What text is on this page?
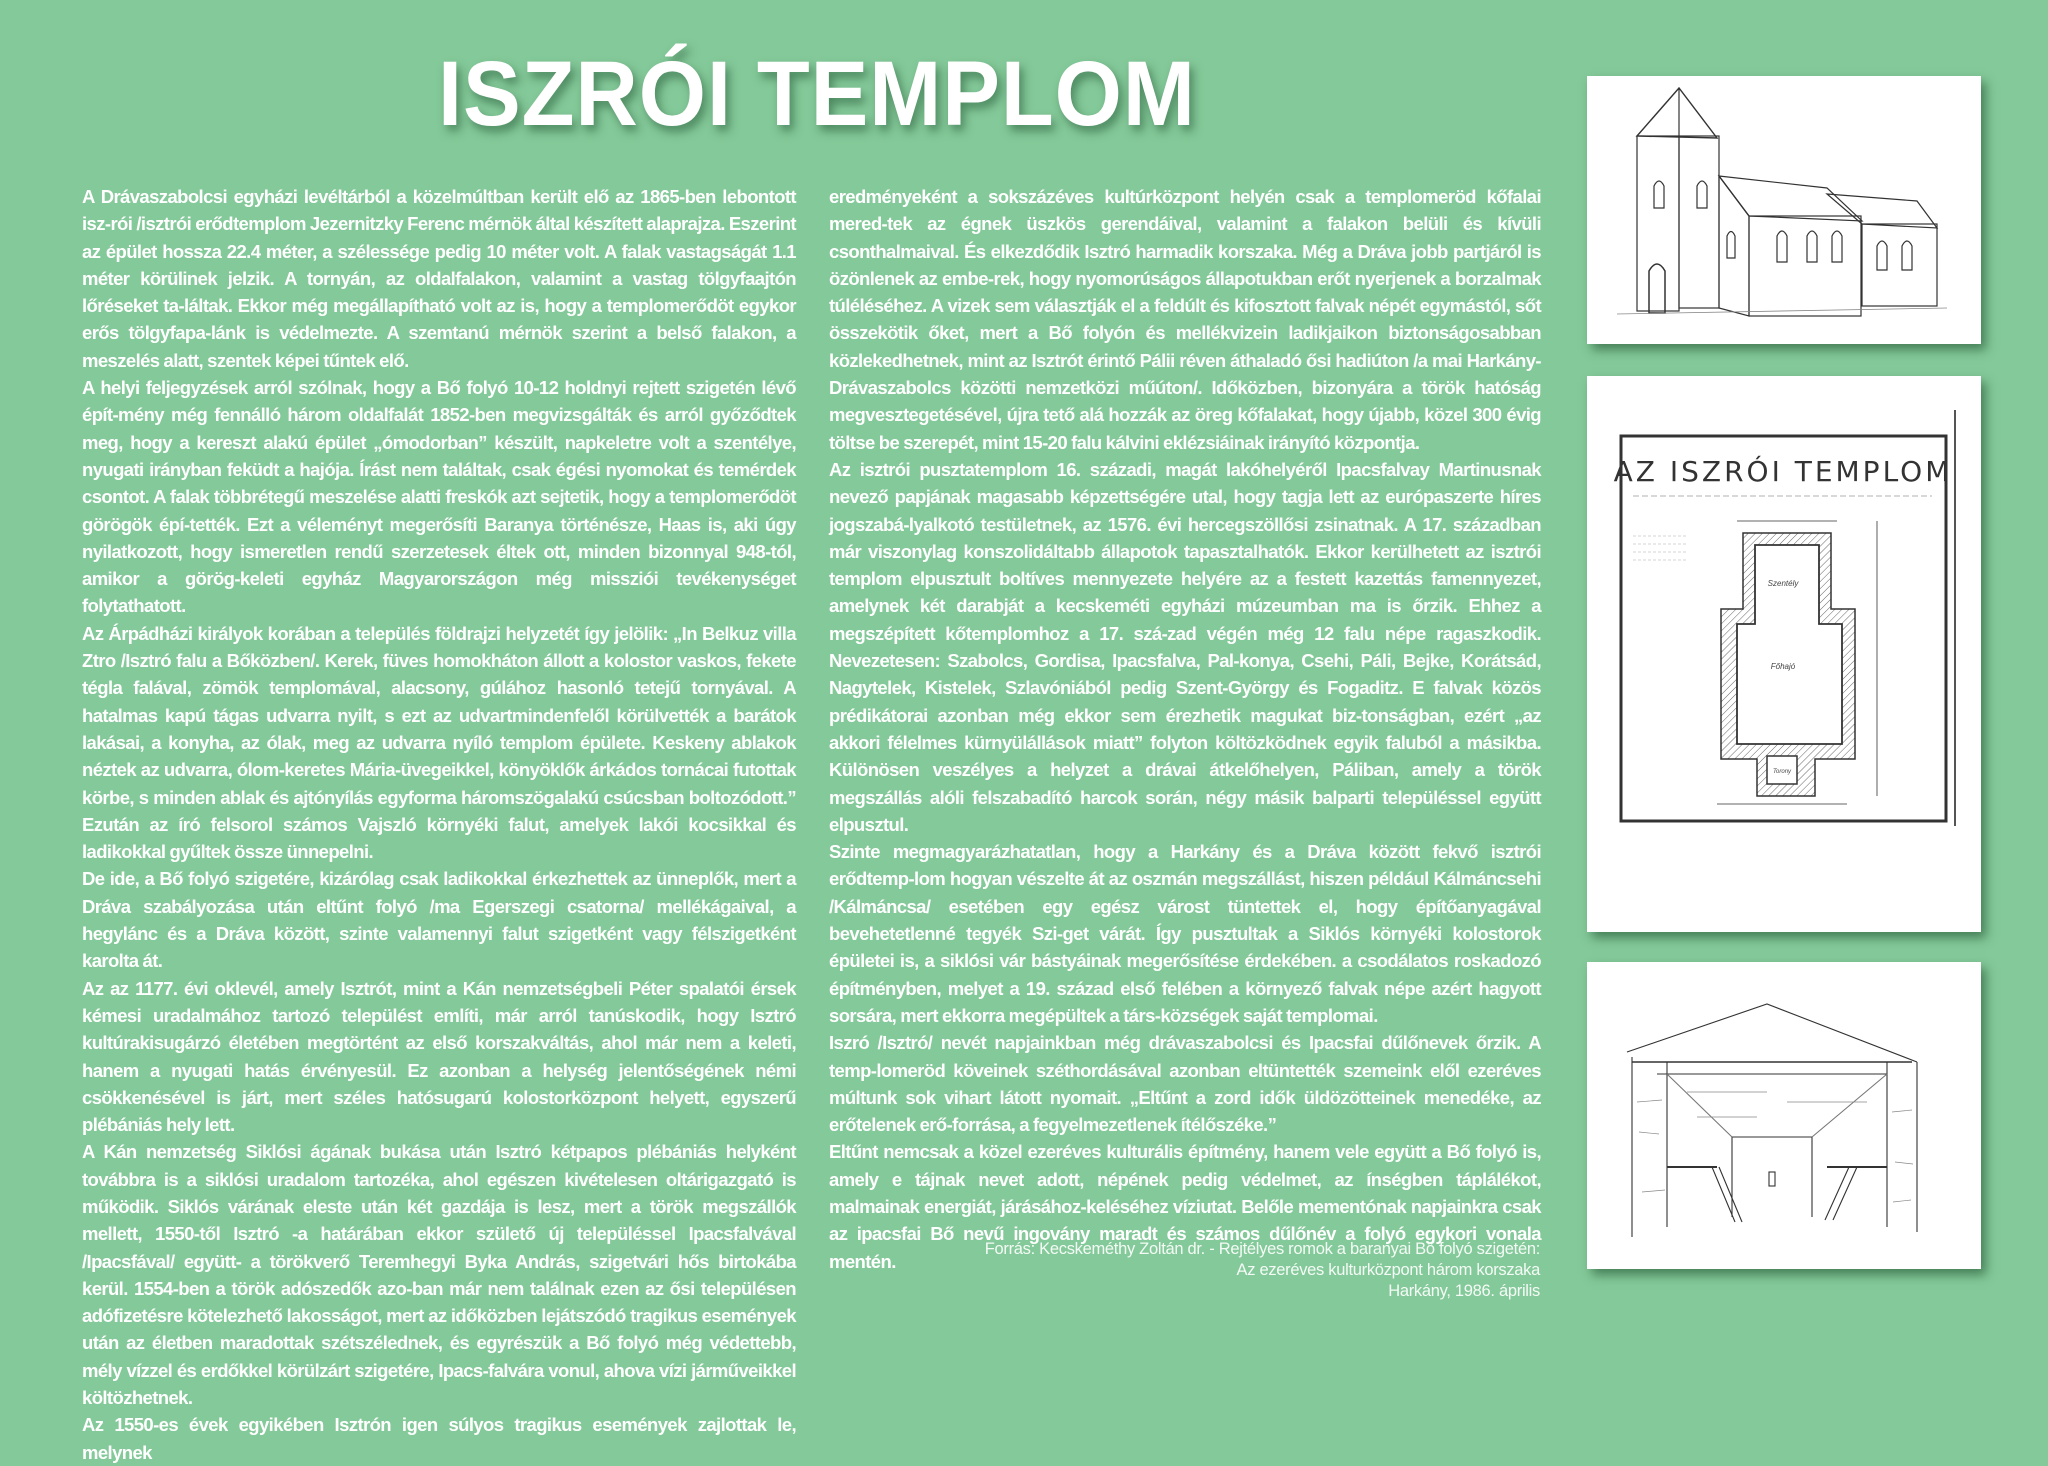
ISZRÓI TEMPLOM

A Drávaszabolcsi egyházi levéltárból a közelmúltban került elő az 1865-ben lebontott isz-rói /isztrói erődtemplom Jezernitzky Ferenc mérnök által készített alaprajza. Eszerint az épület hossza 22.4 méter, a szélessége pedig 10 méter volt. A falak vastagságát 1.1 méter körülinek jelzik. A tornyán, az oldalfalakon, valamint a vastag tölgyfaajtón lőréseket ta-láltak. Ekkor még megállapítható volt az is, hogy a templomerődöt egykor erős tölgyfapa-lánk is védelmezte. A szemtanú mérnök szerint a belső falakon, a meszelés alatt, szentek képei tűntek elő.

A helyi feljegyzések arról szólnak, hogy a Bő folyó 10-12 holdnyi rejtett szigetén lévő épít-mény még fennálló három oldalfalát 1852-ben megvizsgálták és arról győződtek meg, hogy a kereszt alakú épület „ómodorban” készült, napkeletre volt a szentélye, nyugati irányban feküdt a hajója. Írást nem találtak, csak égési nyomokat és temérdek csontot. A falak többrétegű meszelése alatti freskók azt sejtetik, hogy a templomerődöt görögök épí-tették. Ezt a véleményt megerősíti Baranya történésze, Haas is, aki úgy nyilatkozott, hogy ismeretlen rendű szerzetesek éltek ott, minden bizonnyal 948-tól, amikor a görög-keleti egyház Magyarországon még missziói tevékenységet folytathatott.

Az Árpádházi királyok korában a település földrajzi helyzetét így jelölik: „In Belkuz villa Ztro /Isztró falu a Bőközben/. Kerek, füves homokháton állott a kolostor vaskos, fekete tégla falával, zömök templomával, alacsony, gúlához hasonló tetejű tornyával. A hatalmas kapú tágas udvarra nyilt, s ezt az udvartmindenfelől körülvették a barátok lakásai, a konyha, az ólak, meg az udvarra nyíló templom épülete. Keskeny ablakok néztek az udvarra, ólom-keretes Mária-üvegeikkel, könyöklők árkádos tornácai futottak körbe, s minden ablak és ajtónyílás egyforma háromszögalakú csúcsban boltozódott.” Ezután az író felsorol számos Vajszló környéki falut, amelyek lakói kocsikkal és ladikokkal gyűltek össze ünnepelni.

De ide, a Bő folyó szigetére, kizárólag csak ladikokkal érkezhettek az ünneplők, mert a Dráva szabályozása után eltűnt folyó /ma Egerszegi csatorna/ mellékágaival, a hegylánc és a Dráva között, szinte valamennyi falut szigetként vagy félszigetként karolta át.

Az az 1177. évi oklevél, amely Isztrót, mint a Kán nemzetségbeli Péter spalatói érsek kémesi uradalmához tartozó települést említi, már arról tanúskodik, hogy Isztró kultúrakisugárzó életében megtörtént az első korszakváltás, ahol már nem a keleti, hanem a nyugati hatás érvényesül. Ez azonban a helység jelentőségének némi csökkenésével is járt, mert széles hatósugarú kolostorközpont helyett, egyszerű plébániás hely lett.

A Kán nemzetség Siklósi ágának bukása után Isztró kétpapos plébániás helyként továbbra is a siklósi uradalom tartozéka, ahol egészen kivételesen oltárigazgató is működik. Siklós várának eleste után két gazdája is lesz, mert a török megszállók mellett, 1550-től Isztró -a határában ekkor születő új településsel Ipacsfalvával /Ipacsfával/ együtt- a törökverő Teremhegyi Byka András, szigetvári hős birtokába kerül. 1554-ben a török adószedők azo-ban már nem találnak ezen az ősi településen adófizetésre kötelezhető lakosságot, mert az időközben lejátszódó tragikus események után az életben maradottak szétszélednek, és egyrészük a Bő folyó még védettebb, mély vízzel és erdőkkel körülzárt szigetére, Ipacs-falvára vonul, ahova vízi járműveikkel költözhetnek.

Az 1550-es évek egyikében Isztrón igen súlyos tragikus események zajlottak le, melynek

eredményeként a sokszázéves kultúrközpont helyén csak a templomeröd kőfalai mered-tek az égnek üszkös gerendáival, valamint a falakon belüli és kívüli csonthalmaival. És elkezdődik Isztró harmadik korszaka. Még a Dráva jobb partjáról is özönlenek az embe-rek, hogy nyomorúságos állapotukban erőt nyerjenek a borzalmak túléléséhez. A vizek sem választják el a feldúlt és kifosztott falvak népét egymástól, sőt összekötik őket, mert a Bő folyón és mellékvizein ladikjaikon biztonságosabban közlekedhetnek, mint az Isztrót érintő Pálii réven áthaladó ősi hadiúton /a mai Harkány-Drávaszabolcs közötti nemzetközi műúton/. Időközben, bizonyára a török hatóság megvesztegetésével, újra tető alá hozzák az öreg kőfalakat, hogy újabb, közel 300 évig töltse be szerepét, mint 15-20 falu kálvini eklézsiáinak irányító központja.

Az isztrói pusztatemplom 16. századi, magát lakóhelyéről Ipacsfalvay Martinusnak nevező papjának magasabb képzettségére utal, hogy tagja lett az európaszerte híres jogszabá-lyalkotó testületnek, az 1576. évi hercegszöllősi zsinatnak. A 17. században már viszonylag konszolidáltabb állapotok tapasztalhatók. Ekkor kerülhetett az isztrói templom elpusztult boltíves mennyezete helyére az a festett kazettás famennyezet, amelynek két darabját a kecskeméti egyházi múzeumban ma is őrzik. Ehhez a megszépített kőtemplomhoz a 17. szá-zad végén még 12 falu népe ragaszkodik. Nevezetesen: Szabolcs, Gordisa, Ipacsfalva, Pal-konya, Csehi, Páli, Bejke, Korátsád, Nagytelek, Kistelek, Szlavóniából pedig Szent-György és Fogaditz. E falvak közös prédikátorai azonban még ekkor sem érezhetik magukat biz-tonságban, ezért „az akkori félelmes kürnyülállások miatt” folyton költözködnek egyik faluból a másikba. Különösen veszélyes a helyzet a drávai átkelőhelyen, Páliban, amely a török megszállás alóli felszabadító harcok során, négy másik balparti településsel együtt elpusztul.

Szinte megmagyarázhatatlan, hogy a Harkány és a Dráva között fekvő isztrói erődtemp-lom hogyan vészelte át az oszmán megszállást, hiszen például Kálmáncsehi /Kálmáncsa/ esetében egy egész várost tüntettek el, hogy építőanyagával bevehetetlenné tegyék Szi-get várát. Így pusztultak a Siklós környéki kolostorok épületei is, a siklósi vár bástyáinak megerősítése érdekében. a csodálatos roskadozó építményben, melyet a 19. század első felében a környező falvak népe azért hagyott sorsára, mert ekkorra megépültek a társ-községek saját templomai.

Iszró /Isztró/ nevét napjainkban még drávaszabolcsi és Ipacsfai dűlőnevek őrzik. A temp-lomeröd köveinek széthordásával azonban eltüntették szemeink elől ezeréves múltunk sok vihart látott nyomait. „Eltűnt a zord idők üldözötteinek menedéke, az erőtelenek erő-forrása, a fegyelmezetlenek ítélőszéke.”

Eltűnt nemcsak a közel ezeréves kulturális építmény, hanem vele együtt a Bő folyó is, amely e tájnak nevet adott, népének pedig védelmet, az ínségben táplálékot, malmainak energiát, járásához-keléséhez víziutat. Belőle mementónak napjainkra csak az ipacsfai Bő nevű ingovány maradt és számos dűlőnév a folyó egykori vonala mentén.

Forrás: Kecskeméthy Zoltán dr. - Rejtélyes romok a baranyai Bő folyó szigetén:
Az ezeréves kulturközpont három korszaka
Harkány, 1986. április
AZ ISZRÓI TEMPLOM
Szentély
Főhajó
Torony
